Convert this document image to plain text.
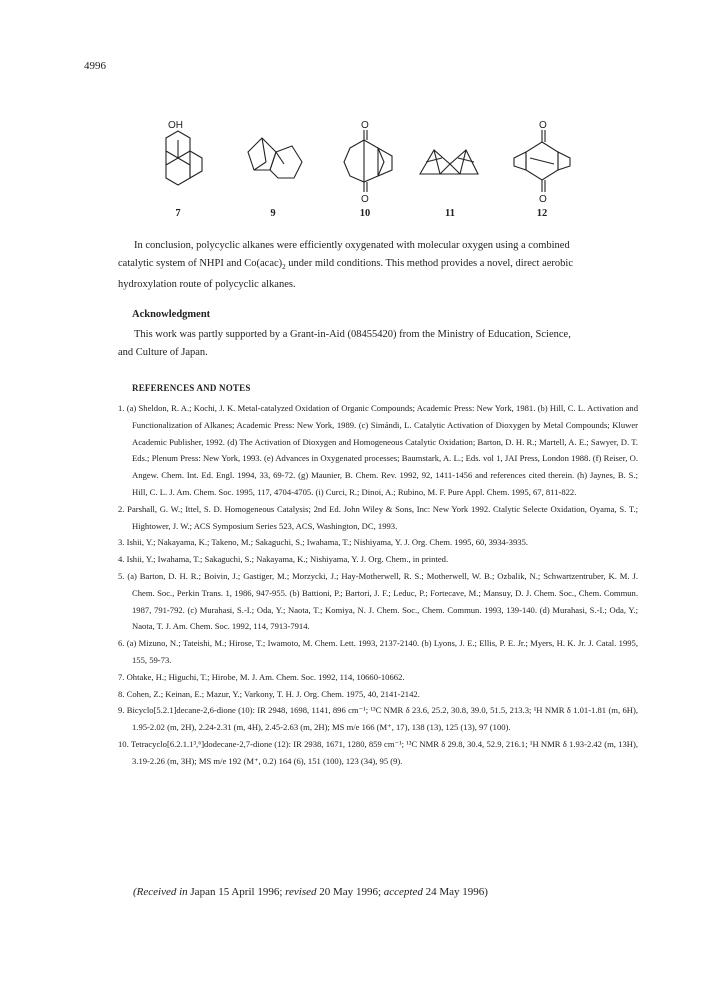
4996
OH	O
O
O
O
7	9	10	11	12
In conclusion, polycyclic alkanes were efficiently oxygenated with molecular oxygen using a combined
catalytic system of NHPI and $Co(acac)_2$ under mild conditions. This method provides a novel, direct aerobic
hydroxylation route of polycyclic alkanes.
Acknowledgment
This work was partly supported by a Grant-in-Aid (08455420) from the Ministry of Education, Science,
and Culture of Japan.
REFERENCES AND NOTES
1. (a) Sheldon, R. A.; Kochi, J. K. Metal-catalyzed Oxidation of Organic Compounds; Academic Press: New York, 1981. (b) Hill, C. L. Activation and Functionalization of Alkanes; Academic Press: New York, 1989. (c) Simándi, L. Catalytic Activation of Dioxygen by Metal Compounds; Kluwer Academic Publisher, 1992. (d) The Activation of Dioxygen and Homogeneous Catalytic Oxidation; Barton, D. H. R.; Martell, A. E.; Sawyer, D. T. Eds.; Plenum Press: New York, 1993. (e) Advances in Oxygenated processes; Baumstark, A. L.; Eds. vol 1, JAI Press, London 1988. (f) Reiser, O. Angew. Chem. Int. Ed. Engl. 1994, 33, 69-72. (g) Maunier, B. Chem. Rev. 1992, 92, 1411-1456 and references cited therein. (h) Jaynes, B. S.; Hill, C. L. J. Am. Chem. Soc. 1995, 117, 4704-4705. (i) Curci, R.; Dinoi, A.; Rubino, M. F. Pure Appl. Chem. 1995, 67, 811-822.
2. Parshall, G. W.; Ittel, S. D. Homogeneous Catalysis; 2nd Ed. John Wiley & Sons, Inc: New York 1992. Ctalytic Selecte Oxidation, Oyama, S. T.; Hightower, J. W.; ACS Symposium Series 523, ACS, Washington, DC, 1993.
3. Ishii, Y.; Nakayama, K.; Takeno, M.; Sakaguchi, S.; Iwahama, T.; Nishiyama, Y. J. Org. Chem. 1995, 60, 3934-3935.
4. Ishii, Y.; Iwahama, T.; Sakaguchi, S.; Nakayama, K.; Nishiyama, Y. J. Org. Chem., in printed.
5. (a) Barton, D. H. R.; Boivin, J.; Gastiger, M.; Morzycki, J.; Hay-Motherwell, R. S.; Motherwell, W. B.; Ozbalik, N.; Schwartzentruber, K. M. J. Chem. Soc., Perkin Trans. 1, 1986, 947-955. (b) Battioni, P.; Bartori, J. F.; Leduc, P.; Fortecave, M.; Mansuy, D. J. Chem. Soc., Chem. Commun. 1987, 791-792. (c) Murahasi, S.-I.; Oda, Y.; Naota, T.; Komiya, N. J. Chem. Soc., Chem. Commun. 1993, 139-140. (d) Murahasi, S.-I.; Oda, Y.; Naota, T. J. Am. Chem. Soc. 1992, 114, 7913-7914.
6. (a) Mizuno, N.; Tateishi, M.; Hirose, T.; Iwamoto, M. Chem. Lett. 1993, 2137-2140. (b) Lyons, J. E.; Ellis, P. E. Jr.; Myers, H. K. Jr. J. Catal. 1995, 155, 59-73.
7. Ohtake, H.; Higuchi, T.; Hirobe, M. J. Am. Chem. Soc. 1992, 114, 10660-10662.
8. Cohen, Z.; Keinan, E.; Mazur, Y.; Varkony, T. H. J. Org. Chem. 1975, 40, 2141-2142.
9. Bicyclo[5.2.1]decane-2,6-dione (10): IR 2948, 1698, 1141, 896 cm⁻¹; ¹³C NMR δ 23.6, 25.2, 30.8, 39.0, 51.5, 213.3; ¹H NMR δ 1.01-1.81 (m, 6H), 1.95-2.02 (m, 2H), 2.24-2.31 (m, 4H), 2.45-2.63 (m, 2H); MS m/e 166 (M⁺, 17), 138 (13), 125 (13), 97 (100).
10. Tetracyclo[6.2.1.1³,⁶]dodecane-2,7-dione (12): IR 2938, 1671, 1280, 859 cm⁻¹; ¹³C NMR δ 29.8, 30.4, 52.9, 216.1; ¹H NMR δ 1.93-2.42 (m, 13H), 3.19-2.26 (m, 3H); MS m/e 192 (M⁺, 0.2) 164 (6), 151 (100), 123 (34), 95 (9).
(Received in Japan 15 April 1996; revised 20 May 1996; accepted 24 May 1996)
